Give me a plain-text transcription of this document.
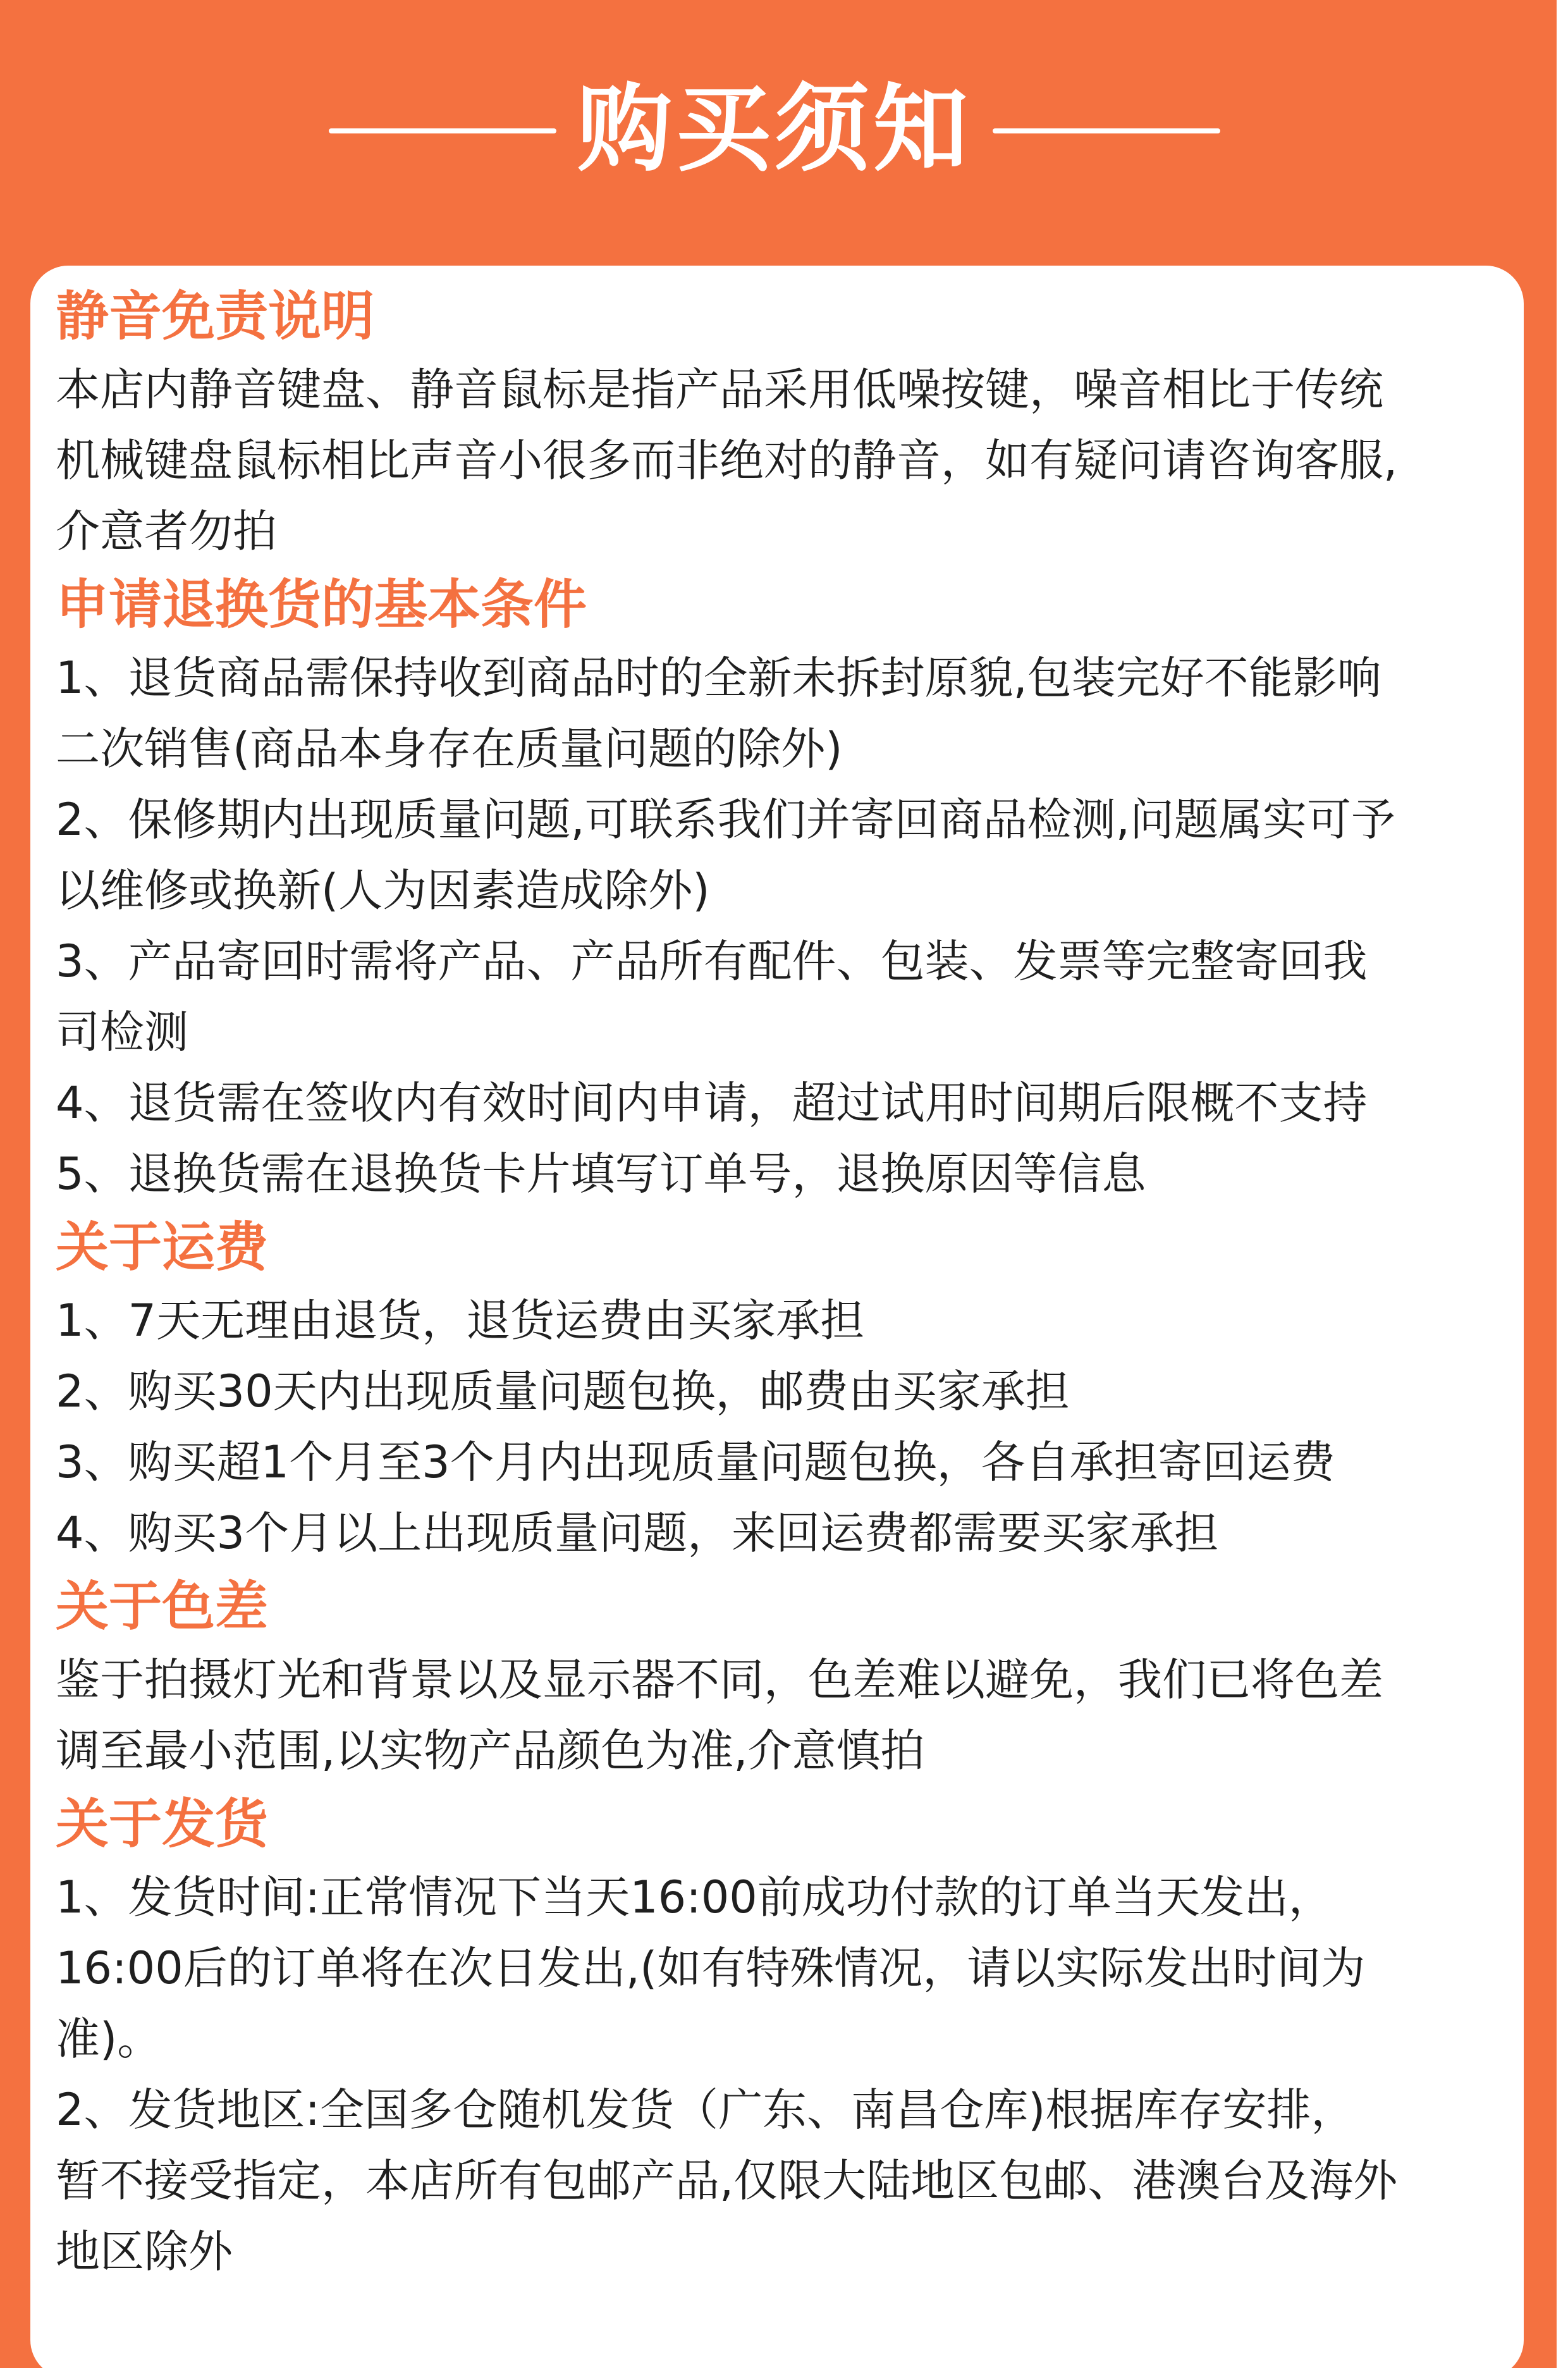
购买须知
静音免责说明
本店内静音键盘、静音鼠标是指产品采用低噪按键，噪音相比于传统
机械键盘鼠标相比声音小很多而非绝对的静音，如有疑问请咨询客服,
介意者勿拍
申请退换货的基本条件
1、退货商品需保持收到商品时的全新未拆封原貌,包装完好不能影响
二次销售(商品本身存在质量问题的除外)
2、保修期内出现质量问题,可联系我们并寄回商品检测,问题属实可予
以维修或换新(人为因素造成除外)
3、产品寄回时需将产品、产品所有配件、包装、发票等完整寄回我
司检测
4、退货需在签收内有效时间内申请，超过试用时间期后限概不支持
5、退换货需在退换货卡片填写订单号，退换原因等信息
关于运费
1、7天无理由退货，退货运费由买家承担
2、购买30天内出现质量问题包换，邮费由买家承担
3、购买超1个月至3个月内出现质量问题包换，各自承担寄回运费
4、购买3个月以上出现质量问题，来回运费都需要买家承担
关于色差
鉴于拍摄灯光和背景以及显示器不同，色差难以避免，我们已将色差
调至最小范围,以实物产品颜色为准,介意慎拍
关于发货
1、发货时间:正常情况下当天16:00前成功付款的订单当天发出，
16:00后的订单将在次日发出,(如有特殊情况，请以实际发出时间为
准)。
2、发货地区:全国多仓随机发货（广东、南昌仓库)根据库存安排，
暂不接受指定，本店所有包邮产品,仅限大陆地区包邮、港澳台及海外
地区除外
